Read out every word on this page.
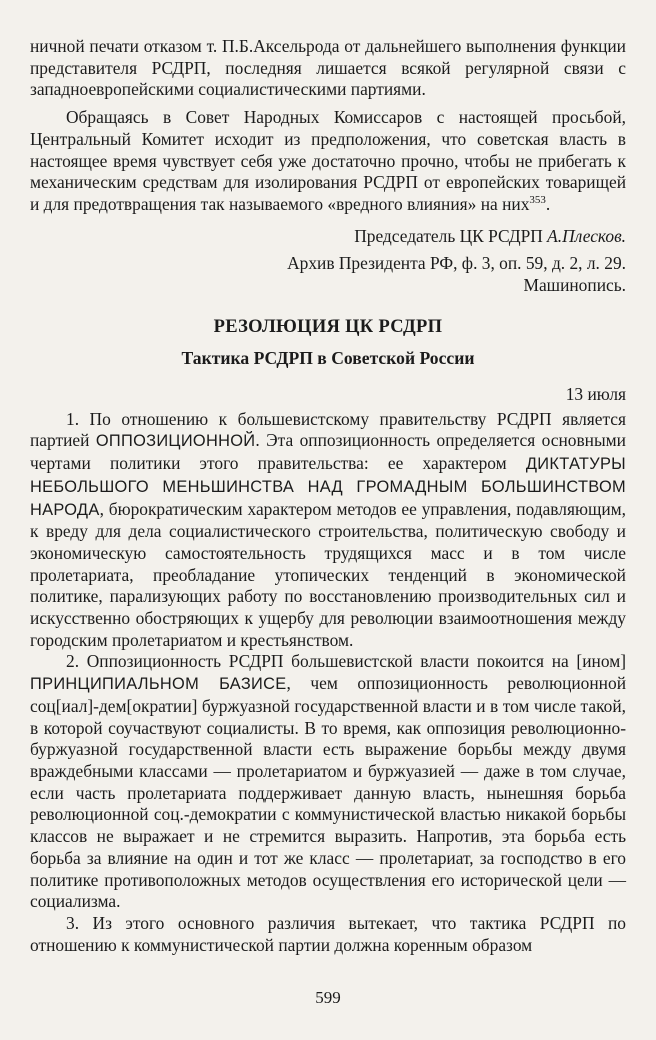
ничной печати отказом т. П.Б.Аксельрода от дальнейшего выполнения функции представителя РСДРП, последняя лишается всякой регулярной связи с западноевропейскими социалистическими партиями.

Обращаясь в Совет Народных Комиссаров с настоящей просьбой, Центральный Комитет исходит из предположения, что советская власть в настоящее время чувствует себя уже достаточно прочно, чтобы не прибегать к механическим средствам для изолирования РСДРП от европейских товарищей и для предотвращения так называемого «вредного влияния» на них$^{353}$.

Председатель ЦК РСДРП А.Плесков.

Архив Президента РФ, ф. 3, оп. 59, д. 2, л. 29.

Машинопись.

РЕЗОЛЮЦИЯ ЦК РСДРП
Тактика РСДРП в Советской России

13 июля

1. По отношению к большевистскому правительству РСДРП является партией ОППОЗИЦИОННОЙ. Эта оппозиционность определяется основными чертами политики этого правительства: ее характером ДИКТАТУРЫ НЕБОЛЬШОГО МЕНЬШИНСТВА НАД ГРОМАДНЫМ БОЛЬШИНСТВОМ НАРОДА, бюрократическим характером методов ее управления, подавляющим, к вреду для дела социалистического строительства, политическую свободу и экономическую самостоятельность трудящихся масс и в том числе пролетариата, преобладание утопических тенденций в экономической политике, парализующих работу по восстановлению производительных сил и искусственно обостряющих к ущербу для революции взаимоотношения между городским пролетариатом и крестьянством.

2. Оппозиционность РСДРП большевистской власти покоится на [ином] ПРИНЦИПИАЛЬНОМ БАЗИСЕ, чем оппозиционность революционной соц[иал]-дем[ократии] буржуазной государственной власти и в том числе такой, в которой соучаствуют социалисты. В то время, как оппозиция революционно-буржуазной государственной власти есть выражение борьбы между двумя враждебными классами — пролетариатом и буржуазией — даже в том случае, если часть пролетариата поддерживает данную власть, нынешняя борьба революционной соц.-демократии с коммунистической властью никакой борьбы классов не выражает и не стремится выразить. Напротив, эта борьба есть борьба за влияние на один и тот же класс — пролетариат, за господство в его политике противоположных методов осуществления его исторической цели — социализма.

3. Из этого основного различия вытекает, что тактика РСДРП по отношению к коммунистической партии должна коренным образом

599
